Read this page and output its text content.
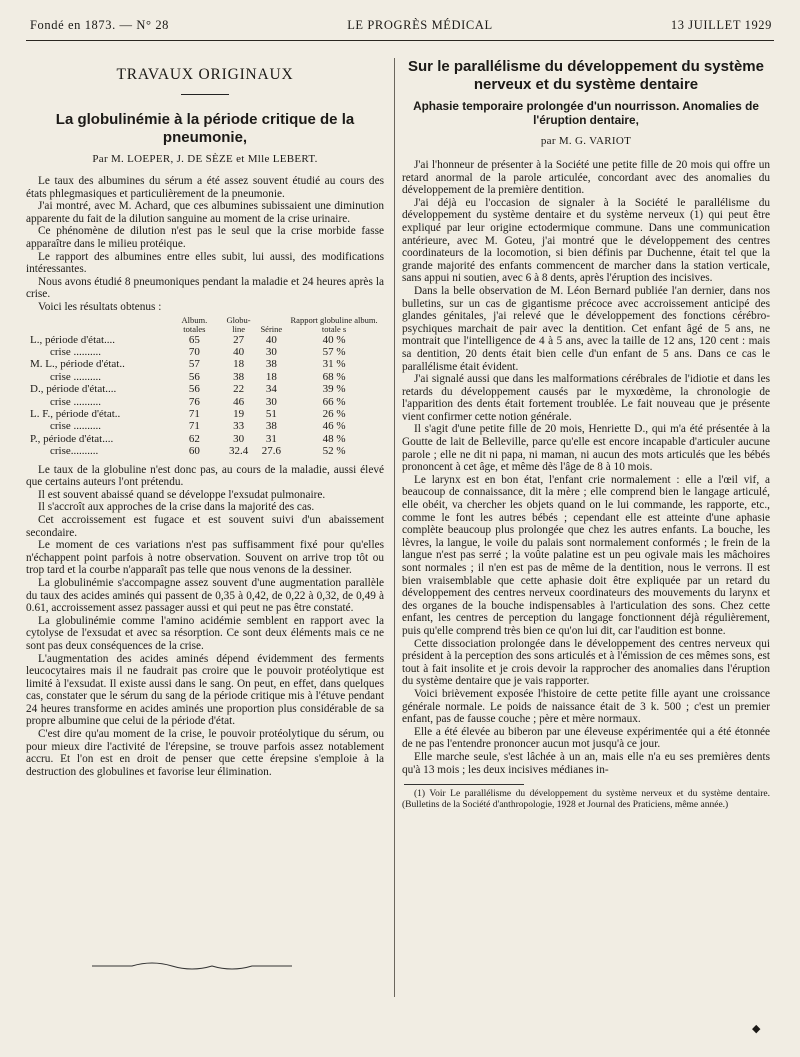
Fondé en 1873. — N° 28	LE PROGRÈS MÉDICAL	13 JUILLET 1929
TRAVAUX ORIGINAUX
La globulinémie à la période critique de la pneumonie,
Par M. LOEPER, J. DE SÈZE et Mlle LEBERT.

Le taux des albumines du sérum a été assez souvent étudié au cours des états phlegmasiques et particulièrement de la pneumonie.

J'ai montré, avec M. Achard, que ces albumines subissaient une diminution apparente du fait de la dilution sanguine au moment de la crise urinaire.

Ce phénomène de dilution n'est pas le seul que la crise morbide fasse apparaître dans le milieu protéique.

Le rapport des albumines entre elles subit, lui aussi, des modifications intéressantes.

Nous avons étudié 8 pneumoniques pendant la maladie et 24 heures après la crise.

Voici les résultats obtenus :

	Album. totales	Globu- line	Sérine	Rapport globuline album. totale s
L., période d'état....	65	27	40	40 %
crise ..........	70	40	30	57 %
M. L., période d'état..	57	18	38	31 %
crise ..........	56	38	18	68 %
D., période d'état....	56	22	34	39 %
crise ..........	76	46	30	66 %
L. F., période d'état..	71	19	51	26 %
crise ..........	71	33	38	46 %
P., période d'état....	62	30	31	48 %
crise..........	60	32.4	27.6	52 %

Le taux de la globuline n'est donc pas, au cours de la maladie, aussi élevé que certains auteurs l'ont prétendu.

Il est souvent abaissé quand se développe l'exsudat pulmonaire.

Il s'accroît aux approches de la crise dans la majorité des cas.

Cet accroissement est fugace et est souvent suivi d'un abaissement secondaire.

Le moment de ces variations n'est pas suffisamment fixé pour qu'elles n'échappent point parfois à notre observation. Souvent on arrive trop tôt ou trop tard et la courbe n'apparaît pas telle que nous venons de la dessiner.

La globulinémie s'accompagne assez souvent d'une augmentation parallèle du taux des acides aminés qui passent de 0,35 à 0,42, de 0,22 à 0,32, de 0,49 à 0.61, accroissement assez passager aussi et qui peut ne pas être constaté.

La globulinémie comme l'amino acidémie semblent en rapport avec la cytolyse de l'exsudat et avec sa résorption. Ce sont deux éléments mais ce ne sont pas deux conséquences de la crise.

L'augmentation des acides aminés dépend évidemment des ferments leucocytaires mais il ne faudrait pas croire que le pouvoir protéolytique est limité à l'exsudat. Il existe aussi dans le sang. On peut, en effet, dans quelques cas, constater que le sérum du sang de la période critique mis à l'étuve pendant 24 heures transforme en acides aminés une proportion plus considérable de sa propre albumine que celui de la période d'état.

C'est dire qu'au moment de la crise, le pouvoir protéolytique du sérum, ou pour mieux dire l'activité de l'érepsine, se trouve parfois assez notablement accru. Et l'on est en droit de penser que cette érepsine s'emploie à la destruction des globulines et favorise leur élimination.

Sur le parallélisme du développement du système nerveux et du système dentaire
Aphasie temporaire prolongée d'un nourrisson. Anomalies de l'éruption dentaire,
par M. G. VARIOT

J'ai l'honneur de présenter à la Société une petite fille de 20 mois qui offre un retard anormal de la parole articulée, concordant avec des anomalies du développement de la première dentition.

J'ai déjà eu l'occasion de signaler à la Société le parallélisme du développement du système dentaire et du système nerveux (1) qui peut être expliqué par leur origine ectodermique commune. Dans une communication antérieure, avec M. Goteu, j'ai montré que le développement des centres coordinateurs de la locomotion, si bien définis par Duchenne, était tel que la grande majorité des enfants commencent de marcher dans la station verticale, sans appui ni soutien, avec 6 à 8 dents, après l'éruption des incisives.

Dans la belle observation de M. Léon Bernard publiée l'an dernier, dans nos bulletins, sur un cas de gigantisme précoce avec accroissement anticipé des glandes génitales, j'ai relevé que le développement des fonctions cérébro-psychiques marchait de pair avec la dentition. Cet enfant âgé de 5 ans, ne montrait que l'intelligence de 4 à 5 ans, avec la taille de 12 ans, 120 cent : mais sa dentition, 20 dents était bien celle d'un enfant de 5 ans. Dans ce cas le parallélisme était évident.

J'ai signalé aussi que dans les malformations cérébrales de l'idiotie et dans les retards du développement causés par le myxœdème, la chronologie de l'apparition des dents était fortement troublée. Le fait nouveau que je présente vient confirmer cette notion générale.

Il s'agit d'une petite fille de 20 mois, Henriette D., qui m'a été présentée à la Goutte de lait de Belleville, parce qu'elle est encore incapable d'articuler aucune parole ; elle ne dit ni papa, ni maman, ni aucun des mots articulés que les bébés prononcent à cet âge, et même dès l'âge de 8 à 10 mois.

Le larynx est en bon état, l'enfant crie normalement : elle a l'œil vif, a beaucoup de connaissance, dit la mère ; elle comprend bien le langage articulé, elle obéit, va chercher les objets quand on le lui commande, les rapporte, etc., comme le font les autres bébés ; cependant elle est atteinte d'une aphasie complète beaucoup plus prolongée que chez les autres enfants. La bouche, les lèvres, la langue, le voile du palais sont normalement conformés ; le frein de la langue n'est pas serré ; la voûte palatine est un peu ogivale mais les mâchoires sont normales ; il n'en est pas de même de la dentition, nous le verrons. Il est bien vraisemblable que cette aphasie doit être expliquée par un retard du développement des centres nerveux coordinateurs des mouvements du larynx et des organes de la bouche indispensables à l'articulation des sons. Chez cette enfant, les centres de perception du langage fonctionnent déjà régulièrement, puis qu'elle comprend très bien ce qu'on lui dit, car l'audition est bonne.

Cette dissociation prolongée dans le développement des centres nerveux qui président à la perception des sons articulés et à l'émission de ces mêmes sons, est tout à fait insolite et je crois devoir la rapprocher des anomalies dans l'éruption du système dentaire que je vais rapporter.

Voici brièvement exposée l'histoire de cette petite fille ayant une croissance générale normale. Le poids de naissance était de 3 k. 500 ; c'est un premier enfant, pas de fausse couche ; père et mère normaux.

Elle a été élevée au biberon par une éleveuse expérimentée qui a été étonnée de ne pas l'entendre prononcer aucun mot jusqu'à ce jour.

Elle marche seule, s'est lâchée à un an, mais elle n'a eu ses premières dents qu'à 13 mois ; les deux incisives médianes in-

(1) Voir Le parallélisme du développement du système nerveux et du système dentaire. (Bulletins de la Société d'anthropologie, 1928 et Journal des Praticiens, même année.)

◆
